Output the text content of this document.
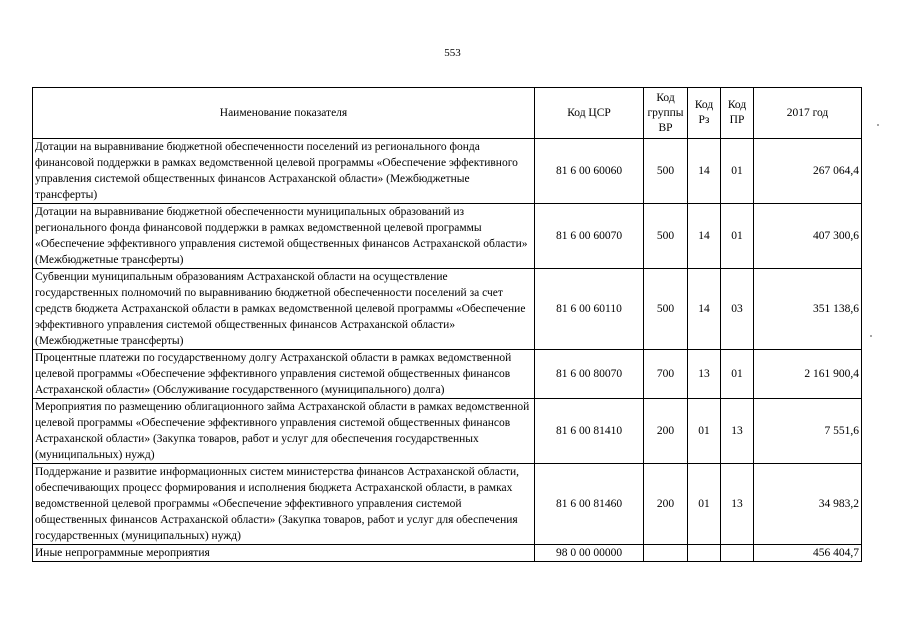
553
Наименование показателя	Код ЦСР	Код группы ВР	Код Рз	Код ПР	2017 год
Дотации на выравнивание бюджетной обеспеченности поселений из регионального фонда финансовой поддержки в рамках ведомственной целевой программы «Обеспечение эффективного управления системой общественных финансов Астраханской области» (Межбюджетные трансферты)	81 6 00 60060	500	14	01	267 064,4
Дотации на выравнивание бюджетной обеспеченности муниципальных образований из регионального фонда финансовой поддержки в рамках ведомственной целевой программы «Обеспечение эффективного управления системой общественных финансов Астраханской области» (Межбюджетные трансферты)	81 6 00 60070	500	14	01	407 300,6
Субвенции муниципальным образованиям Астраханской области на осуществление государственных полномочий по выравниванию бюджетной обеспеченности поселений за счет средств бюджета Астраханской области в рамках ведомственной целевой программы «Обеспечение эффективного управления системой общественных финансов Астраханской области» (Межбюджетные трансферты)	81 6 00 60110	500	14	03	351 138,6
Процентные платежи по государственному долгу Астраханской области в рамках ведомственной целевой программы «Обеспечение эффективного управления системой общественных финансов Астраханской области» (Обслуживание государственного (муниципального) долга)	81 6 00 80070	700	13	01	2 161 900,4
Мероприятия по размещению облигационного займа Астраханской области в рамках ведомственной целевой программы «Обеспечение эффективного управления системой общественных финансов Астраханской области» (Закупка товаров, работ и услуг для обеспечения государственных (муниципальных) нужд)	81 6 00 81410	200	01	13	7 551,6
Поддержание и развитие информационных систем министерства финансов Астраханской области, обеспечивающих процесс формирования и исполнения бюджета Астраханской области, в рамках ведомственной целевой программы «Обеспечение эффективного управления системой общественных финансов Астраханской области» (Закупка товаров, работ и услуг для обеспечения государственных (муниципальных) нужд)	81 6 00 81460	200	01	13	34 983,2
Иные непрограммные мероприятия	98 0 00 00000				456 404,7
